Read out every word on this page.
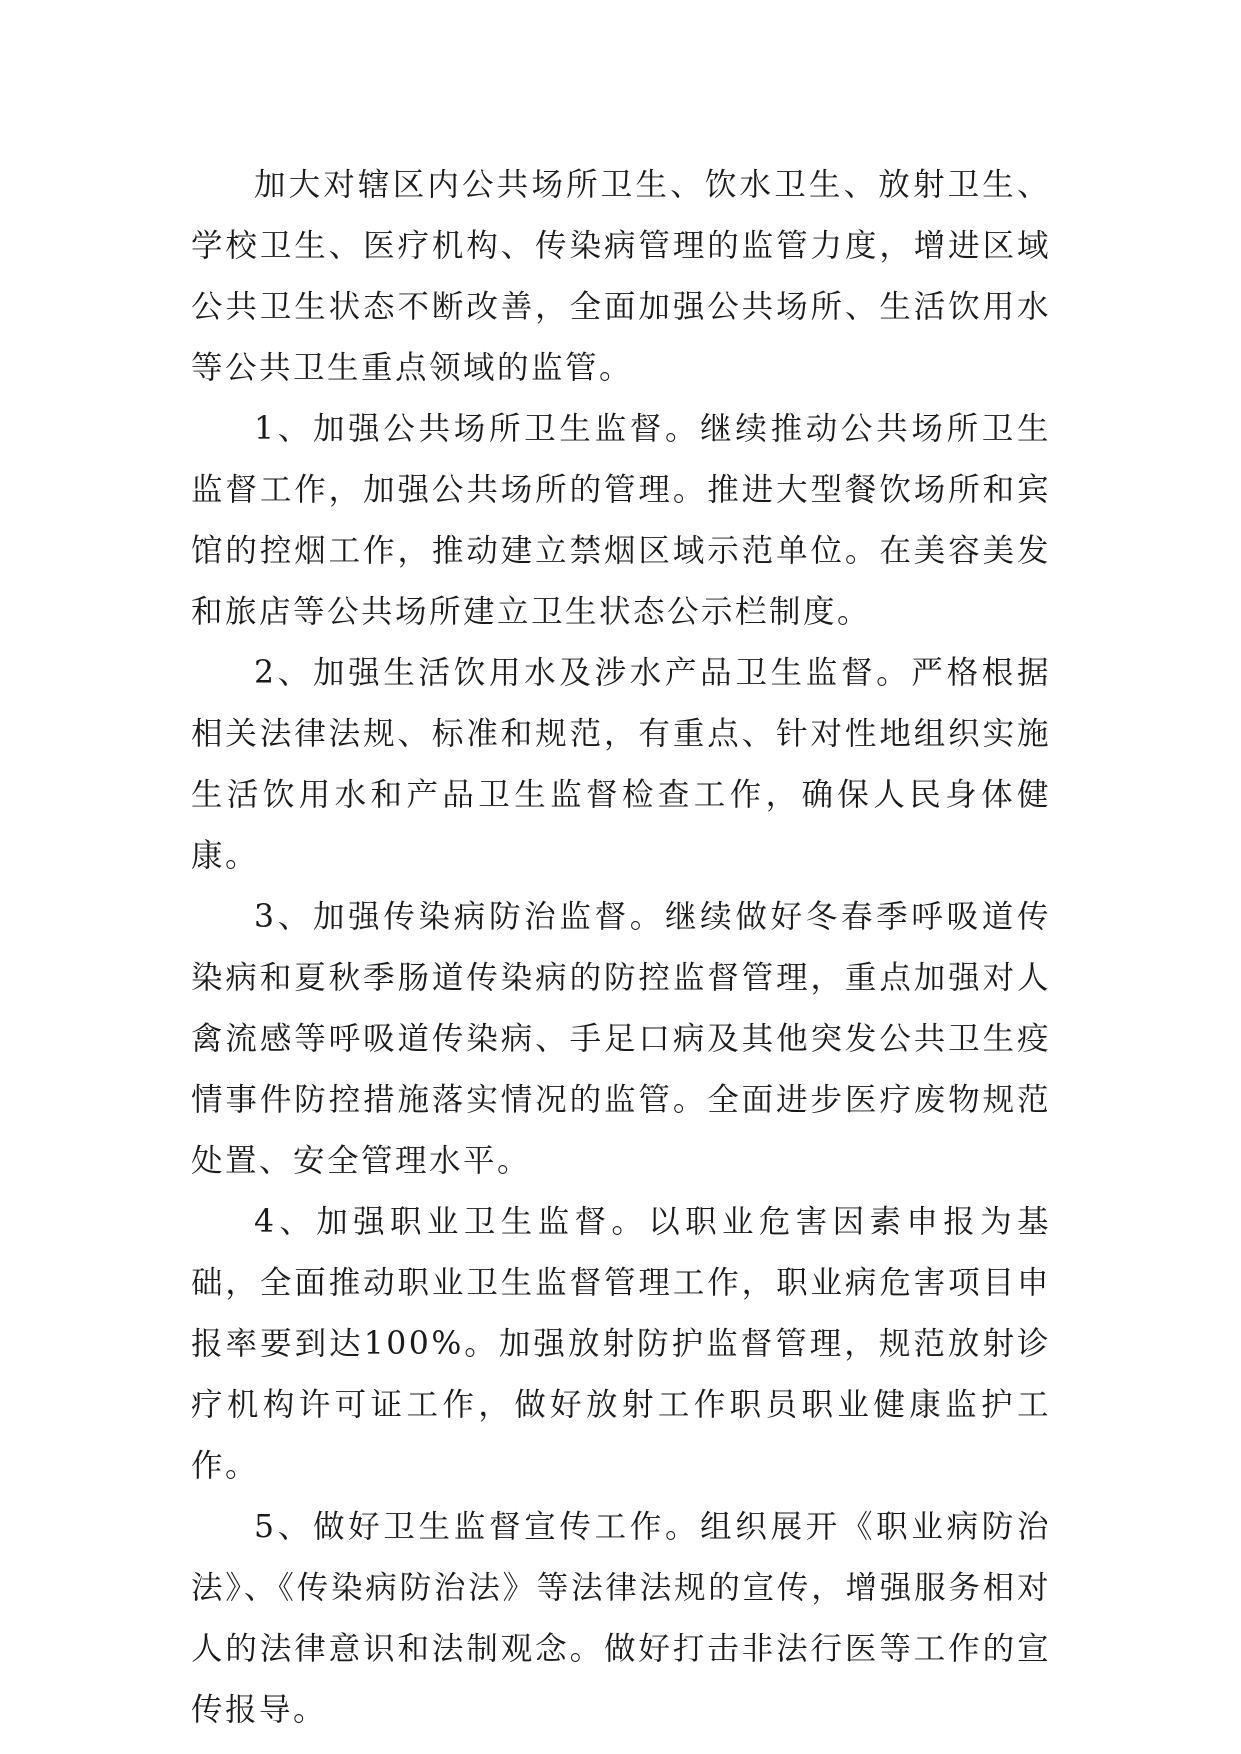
加大对辖区内公共场所卫生、饮水卫生、放射卫生、学校卫生、医疗机构、传染病管理的监管力度，增进区域公共卫生状态不断改善，全面加强公共场所、生活饮用水等公共卫生重点领域的监管。

1、加强公共场所卫生监督。继续推动公共场所卫生监督工作，加强公共场所的管理。推进大型餐饮场所和宾馆的控烟工作，推动建立禁烟区域示范单位。在美容美发和旅店等公共场所建立卫生状态公示栏制度。

2、加强生活饮用水及涉水产品卫生监督。严格根据相关法律法规、标准和规范，有重点、针对性地组织实施生活饮用水和产品卫生监督检查工作，确保人民身体健康。

3、加强传染病防治监督。继续做好冬春季呼吸道传染病和夏秋季肠道传染病的防控监督管理，重点加强对人禽流感等呼吸道传染病、手足口病及其他突发公共卫生疫情事件防控措施落实情况的监管。全面进步医疗废物规范处置、安全管理水平。

4、加强职业卫生监督。以职业危害因素申报为基础，全面推动职业卫生监督管理工作，职业病危害项目申报率要到达100%。加强放射防护监督管理，规范放射诊疗机构许可证工作，做好放射工作职员职业健康监护工作。

5、做好卫生监督宣传工作。组织展开《职业病防治法》、《传染病防治法》等法律法规的宣传，增强服务相对人的法律意识和法制观念。做好打击非法行医等工作的宣传报导。
